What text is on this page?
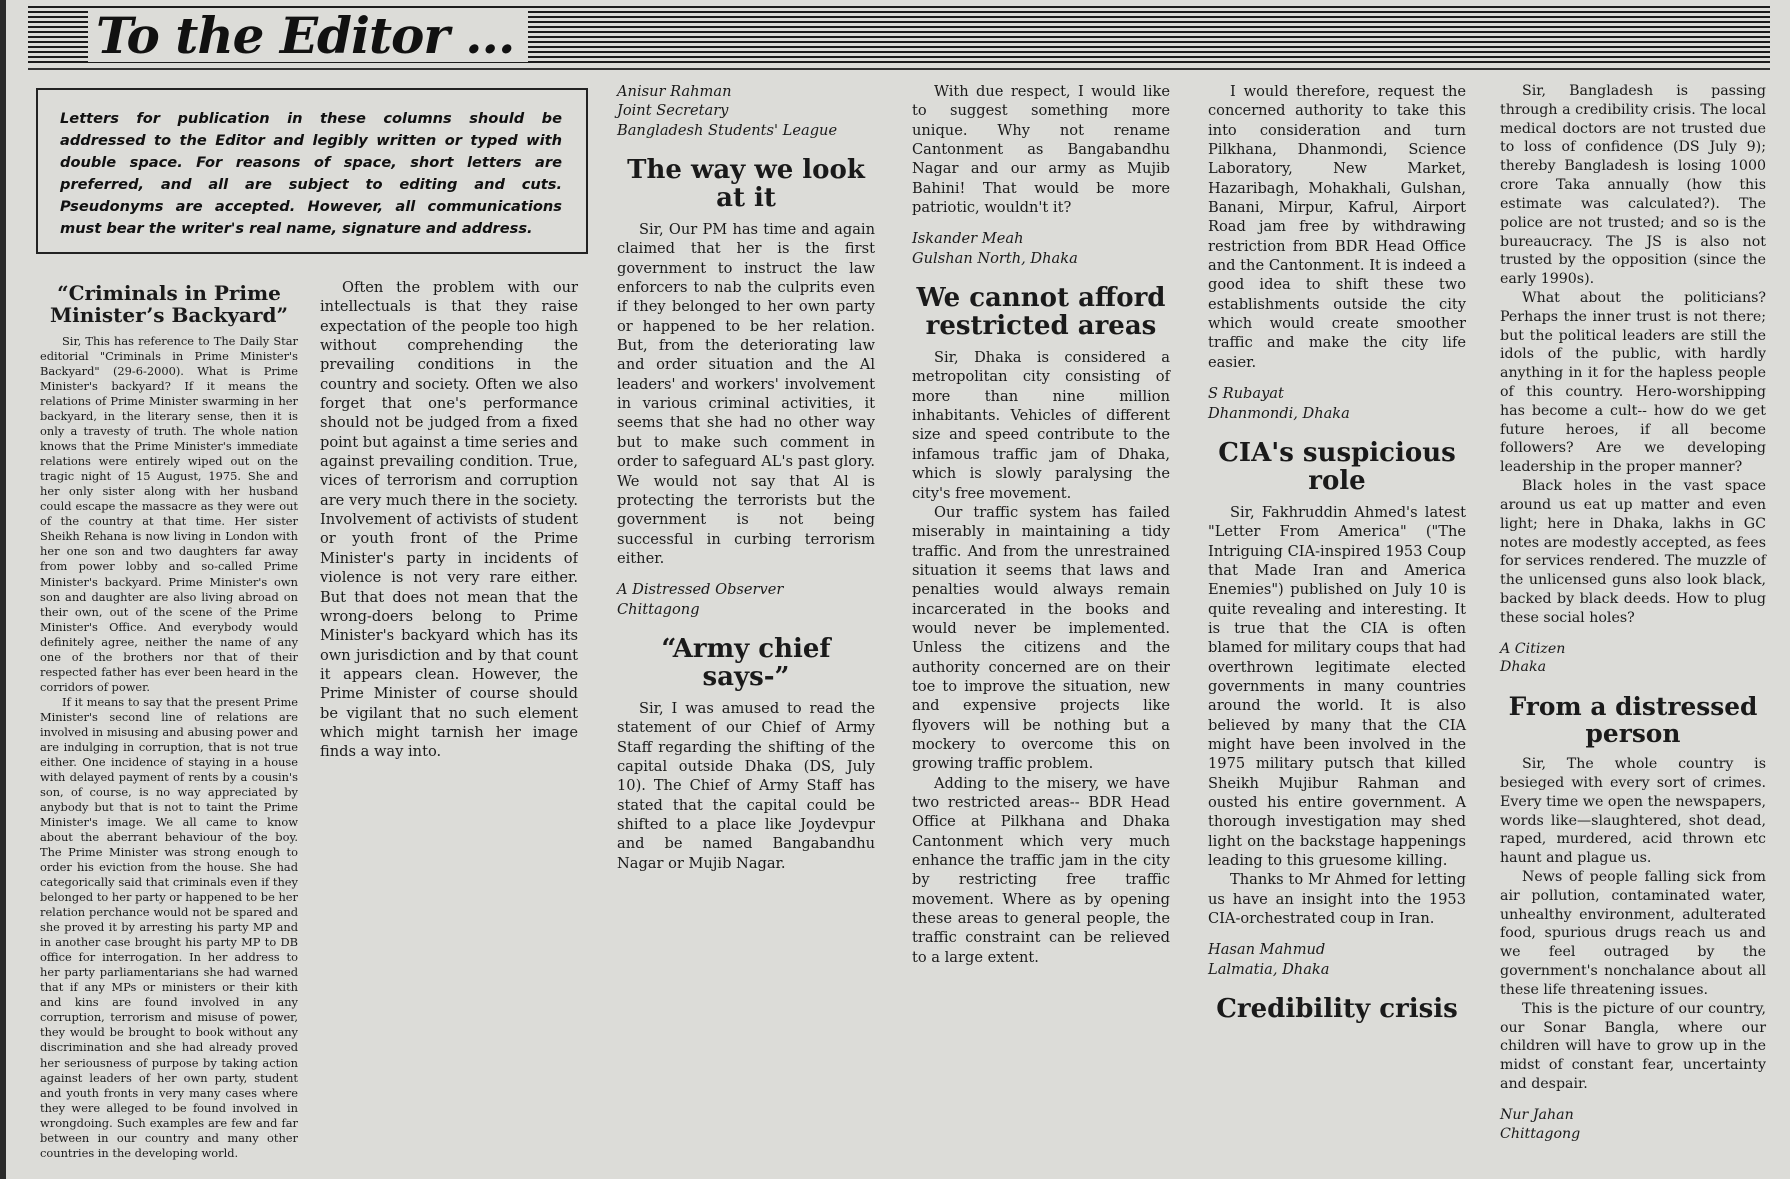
To the Editor ...
Letters for publication in these columns should be addressed to the Editor and legibly written or typed with double space. For reasons of space, short letters are preferred, and all are subject to editing and cuts. Pseudonyms are accepted. However, all communications must bear the writer's real name, signature and address.
“Criminals in Prime Minister’s Backyard”

Sir, This has reference to The Daily Star editorial "Criminals in Prime Minister's Backyard" (29-6-2000). What is Prime Minister's backyard? If it means the relations of Prime Minister swarming in her backyard, in the literary sense, then it is only a travesty of truth. The whole nation knows that the Prime Minister's immediate relations were entirely wiped out on the tragic night of 15 August, 1975. She and her only sister along with her husband could escape the massacre as they were out of the country at that time. Her sister Sheikh Rehana is now living in London with her one son and two daughters far away from power lobby and so-called Prime Minister's backyard. Prime Minister's own son and daughter are also living abroad on their own, out of the scene of the Prime Minister's Office. And everybody would definitely agree, neither the name of any one of the brothers nor that of their respected father has ever been heard in the corridors of power.

If it means to say that the present Prime Minister's second line of relations are involved in misusing and abusing power and are indulging in corruption, that is not true either. One incidence of staying in a house with delayed payment of rents by a cousin's son, of course, is no way appreciated by anybody but that is not to taint the Prime Minister's image. We all came to know about the aberrant behaviour of the boy. The Prime Minister was strong enough to order his eviction from the house. She had categorically said that criminals even if they belonged to her party or happened to be her relation perchance would not be spared and she proved it by arresting his party MP and in another case brought his party MP to DB office for interrogation. In her address to her party parliamentarians she had warned that if any MPs or ministers or their kith and kins are found involved in any corruption, terrorism and misuse of power, they would be brought to book without any discrimination and she had already proved her seriousness of purpose by taking action against leaders of her own party, student and youth fronts in very many cases where they were alleged to be found involved in wrongdoing. Such examples are few and far between in our country and many other countries in the developing world.

Often the problem with our intellectuals is that they raise expectation of the people too high without comprehending the prevailing conditions in the country and society. Often we also forget that one's performance should not be judged from a fixed point but against a time series and against prevailing condition. True, vices of terrorism and corruption are very much there in the society. Involvement of activists of student or youth front of the Prime Minister's party in incidents of violence is not very rare either. But that does not mean that the wrong-doers belong to Prime Minister's backyard which has its own jurisdiction and by that count it appears clean. However, the Prime Minister of course should be vigilant that no such element which might tarnish her image finds a way into.

Anisur Rahman

Joint Secretary

Bangladesh Students' League

The way we look at it

Sir, Our PM has time and again claimed that her is the first government to instruct the law enforcers to nab the culprits even if they belonged to her own party or happened to be her relation. But, from the deteriorating law and order situation and the Al leaders' and workers' involvement in various criminal activities, it seems that she had no other way but to make such comment in order to safeguard AL's past glory. We would not say that Al is protecting the terrorists but the government is not being successful in curbing terrorism either.

A Distressed Observer

Chittagong

“Army chief says-”

Sir, I was amused to read the statement of our Chief of Army Staff regarding the shifting of the capital outside Dhaka (DS, July 10). The Chief of Army Staff has stated that the capital could be shifted to a place like Joydevpur and be named Bangabandhu Nagar or Mujib Nagar.

With due respect, I would like to suggest something more unique. Why not rename Cantonment as Bangabandhu Nagar and our army as Mujib Bahini! That would be more patriotic, wouldn't it?

Iskander Meah

Gulshan North, Dhaka

We cannot afford restricted areas

Sir, Dhaka is considered a metropolitan city consisting of more than nine million inhabitants. Vehicles of different size and speed contribute to the infamous traffic jam of Dhaka, which is slowly paralysing the city's free movement.

Our traffic system has failed miserably in maintaining a tidy traffic. And from the unrestrained situation it seems that laws and penalties would always remain incarcerated in the books and would never be implemented. Unless the citizens and the authority concerned are on their toe to improve the situation, new and expensive projects like flyovers will be nothing but a mockery to overcome this on growing traffic problem.

Adding to the misery, we have two restricted areas-- BDR Head Office at Pilkhana and Dhaka Cantonment which very much enhance the traffic jam in the city by restricting free traffic movement. Where as by opening these areas to general people, the traffic constraint can be relieved to a large extent.

I would therefore, request the concerned authority to take this into consideration and turn Pilkhana, Dhanmondi, Science Laboratory, New Market, Hazaribagh, Mohakhali, Gulshan, Banani, Mirpur, Kafrul, Airport Road jam free by withdrawing restriction from BDR Head Office and the Cantonment. It is indeed a good idea to shift these two establishments outside the city which would create smoother traffic and make the city life easier.

S Rubayat

Dhanmondi, Dhaka

CIA's suspicious role

Sir, Fakhruddin Ahmed's latest "Letter From America" ("The Intriguing CIA-inspired 1953 Coup that Made Iran and America Enemies") published on July 10 is quite revealing and interesting. It is true that the CIA is often blamed for military coups that had overthrown legitimate elected governments in many countries around the world. It is also believed by many that the CIA might have been involved in the 1975 military putsch that killed Sheikh Mujibur Rahman and ousted his entire government. A thorough investigation may shed light on the backstage happenings leading to this gruesome killing.

Thanks to Mr Ahmed for letting us have an insight into the 1953 CIA-orchestrated coup in Iran.

Hasan Mahmud

Lalmatia, Dhaka

Credibility crisis

Sir, Bangladesh is passing through a credibility crisis. The local medical doctors are not trusted due to loss of confidence (DS July 9); thereby Bangladesh is losing 1000 crore Taka annually (how this estimate was calculated?). The police are not trusted; and so is the bureaucracy. The JS is also not trusted by the opposition (since the early 1990s).

What about the politicians? Perhaps the inner trust is not there; but the political leaders are still the idols of the public, with hardly anything in it for the hapless people of this country. Hero-worshipping has become a cult-- how do we get future heroes, if all become followers? Are we developing leadership in the proper manner?

Black holes in the vast space around us eat up matter and even light; here in Dhaka, lakhs in GC notes are modestly accepted, as fees for services rendered. The muzzle of the unlicensed guns also look black, backed by black deeds. How to plug these social holes?

A Citizen

Dhaka

From a distressed person

Sir, The whole country is besieged with every sort of crimes. Every time we open the newspapers, words like—slaughtered, shot dead, raped, murdered, acid thrown etc haunt and plague us.

News of people falling sick from air pollution, contaminated water, unhealthy environment, adulterated food, spurious drugs reach us and we feel outraged by the government's nonchalance about all these life threatening issues.

This is the picture of our country, our Sonar Bangla, where our children will have to grow up in the midst of constant fear, uncertainty and despair.

Nur Jahan

Chittagong
